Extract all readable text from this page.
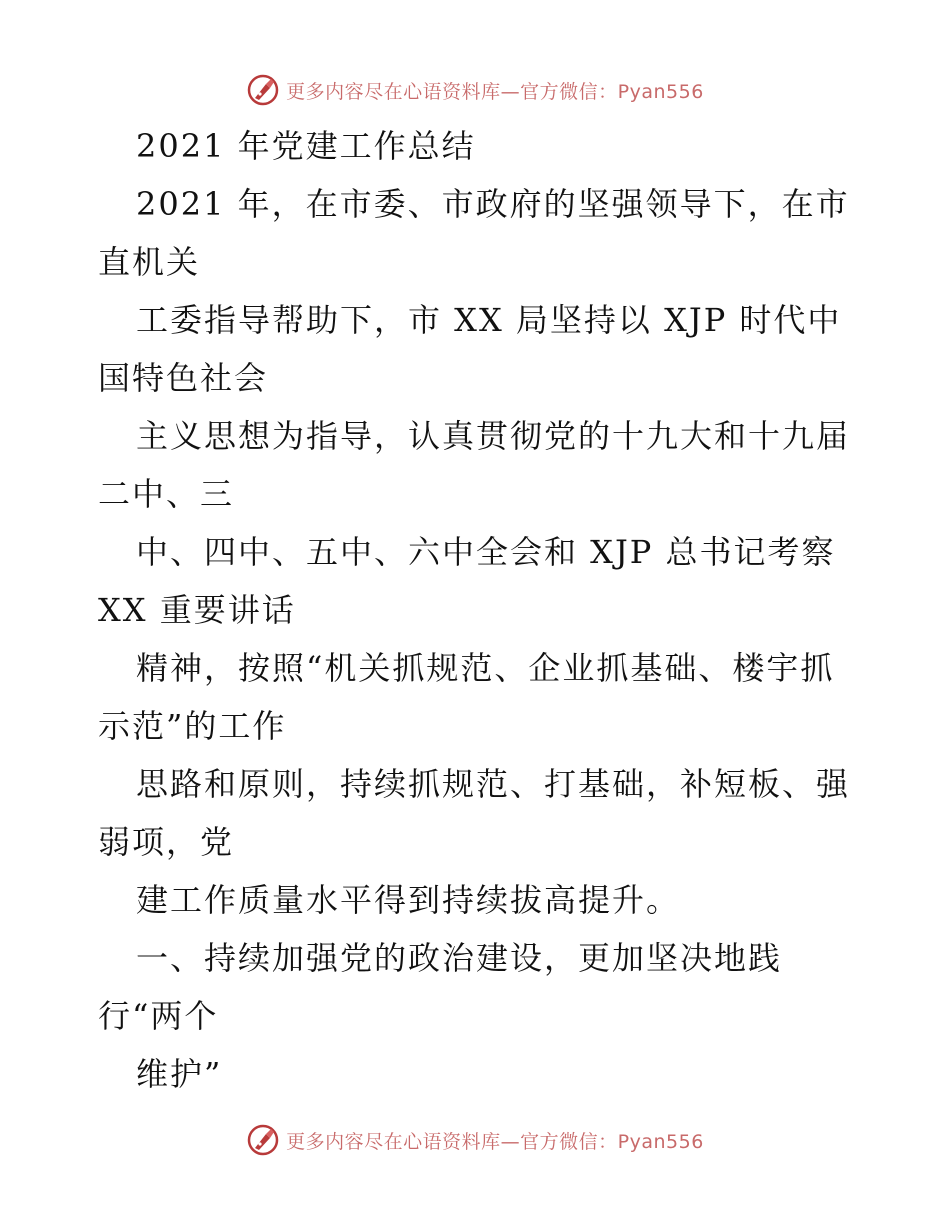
更多内容尽在心语资料库—官方微信：Pyan556
2021 年党建工作总结
2021 年，在市委、市政府的坚强领导下，在市
直机关
工委指导帮助下，市 XX 局坚持以 XJP 时代中
国特色社会
主义思想为指导，认真贯彻党的十九大和十九届
二中、三
中、四中、五中、六中全会和 XJP 总书记考察
XX 重要讲话
精神，按照“机关抓规范、企业抓基础、楼宇抓
示范”的工作
思路和原则，持续抓规范、打基础，补短板、强
弱项，党
建工作质量水平得到持续拔高提升。
一、持续加强党的政治建设，更加坚决地践
行“两个
维护”
更多内容尽在心语资料库—官方微信：Pyan556
